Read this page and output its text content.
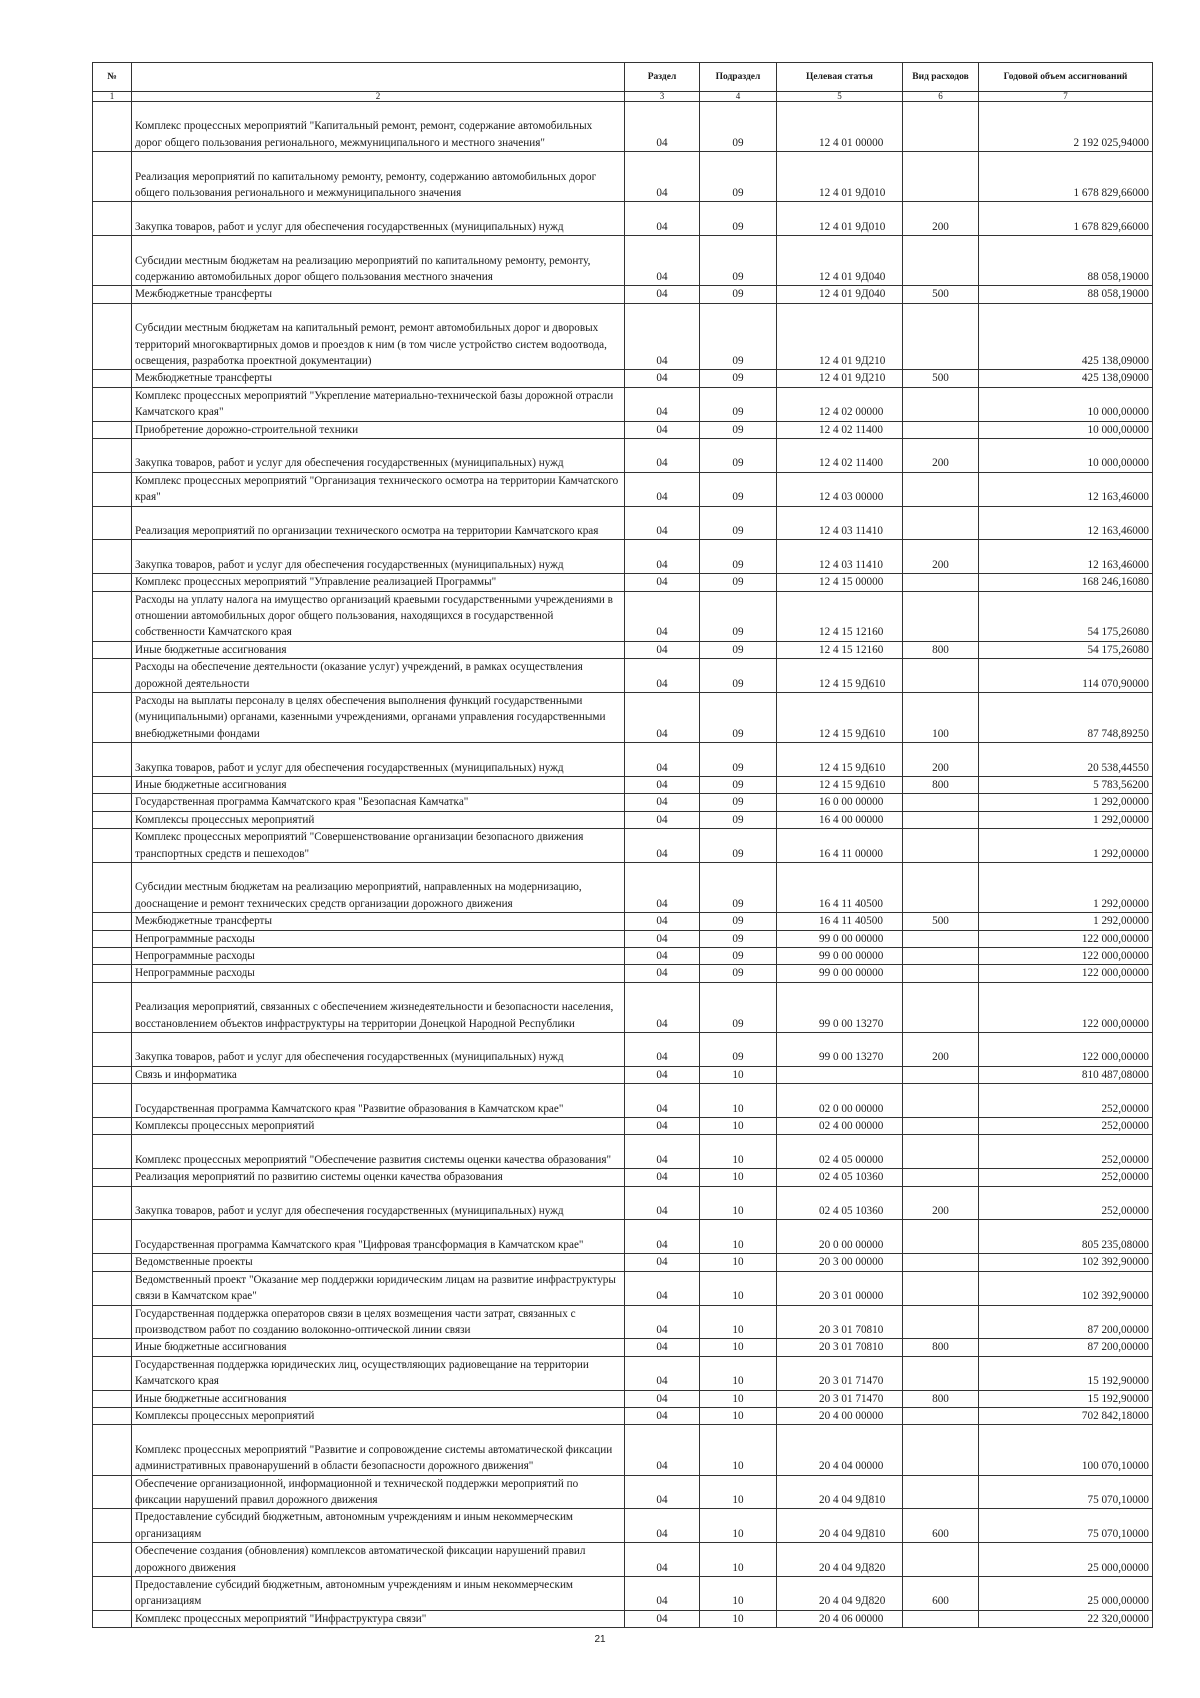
№		Раздел	Подраздел	Целевая статья	Вид расходов	Годовой объем ассигнований
1	2	3	4	5	6	7
	Комплекс процессных мероприятий "Капитальный ремонт, ремонт, содержание автомобильных дорог общего пользования регионального, межмуниципального и местного значения"	04	09	12 4 01 00000		2 192 025,94000
	Реализация мероприятий по капитальному ремонту, ремонту, содержанию автомобильных дорог общего пользования регионального и межмуниципального значения	04	09	12 4 01 9Д010		1 678 829,66000
	Закупка товаров, работ и услуг для обеспечения государственных (муниципальных) нужд	04	09	12 4 01 9Д010	200	1 678 829,66000
	Субсидии местным бюджетам на реализацию мероприятий по капитальному ремонту, ремонту, содержанию автомобильных дорог общего пользования местного значения	04	09	12 4 01 9Д040		88 058,19000
	Межбюджетные трансферты	04	09	12 4 01 9Д040	500	88 058,19000
	Субсидии местным бюджетам на капитальный ремонт, ремонт автомобильных дорог и дворовых территорий многоквартирных домов и проездов к ним (в том числе устройство систем водоотвода, освещения, разработка проектной документации)	04	09	12 4 01 9Д210		425 138,09000
	Межбюджетные трансферты	04	09	12 4 01 9Д210	500	425 138,09000
	Комплекс процессных мероприятий "Укрепление материально-технической базы дорожной отрасли Камчатского края"	04	09	12 4 02 00000		10 000,00000
	Приобретение дорожно-строительной техники	04	09	12 4 02 11400		10 000,00000
	Закупка товаров, работ и услуг для обеспечения государственных (муниципальных) нужд	04	09	12 4 02 11400	200	10 000,00000
	Комплекс процессных мероприятий "Организация технического осмотра на территории Камчатского края"	04	09	12 4 03 00000		12 163,46000
	Реализация мероприятий по организации технического осмотра на территории Камчатского края	04	09	12 4 03 11410		12 163,46000
	Закупка товаров, работ и услуг для обеспечения государственных (муниципальных) нужд	04	09	12 4 03 11410	200	12 163,46000
	Комплекс процессных мероприятий "Управление реализацией Программы"	04	09	12 4 15 00000		168 246,16080
	Расходы на уплату налога на имущество организаций краевыми государственными учреждениями в отношении автомобильных дорог общего пользования, находящихся в государственной собственности Камчатского края	04	09	12 4 15 12160		54 175,26080
	Иные бюджетные ассигнования	04	09	12 4 15 12160	800	54 175,26080
	Расходы на обеспечение деятельности (оказание услуг) учреждений, в рамках осуществления дорожной деятельности	04	09	12 4 15 9Д610		114 070,90000
	Расходы на выплаты персоналу в целях обеспечения выполнения функций государственными (муниципальными) органами, казенными учреждениями, органами управления государственными внебюджетными фондами	04	09	12 4 15 9Д610	100	87 748,89250
	Закупка товаров, работ и услуг для обеспечения государственных (муниципальных) нужд	04	09	12 4 15 9Д610	200	20 538,44550
	Иные бюджетные ассигнования	04	09	12 4 15 9Д610	800	5 783,56200
	Государственная программа Камчатского края "Безопасная Камчатка"	04	09	16 0 00 00000		1 292,00000
	Комплексы процессных мероприятий	04	09	16 4 00 00000		1 292,00000
	Комплекс процессных мероприятий "Совершенствование организации безопасного движения транспортных средств и пешеходов"	04	09	16 4 11 00000		1 292,00000
	Субсидии местным бюджетам на реализацию мероприятий, направленных на модернизацию, дооснащение и ремонт технических средств организации дорожного движения	04	09	16 4 11 40500		1 292,00000
	Межбюджетные трансферты	04	09	16 4 11 40500	500	1 292,00000
	Непрограммные расходы	04	09	99 0 00 00000		122 000,00000
	Непрограммные расходы	04	09	99 0 00 00000		122 000,00000
	Непрограммные расходы	04	09	99 0 00 00000		122 000,00000
	Реализация мероприятий, связанных с обеспечением жизнедеятельности и безопасности населения, восстановлением объектов инфраструктуры на территории Донецкой Народной Республики	04	09	99 0 00 13270		122 000,00000
	Закупка товаров, работ и услуг для обеспечения государственных (муниципальных) нужд	04	09	99 0 00 13270	200	122 000,00000
	Связь и информатика	04	10			810 487,08000
	Государственная программа Камчатского края "Развитие образования в Камчатском крае"	04	10	02 0 00 00000		252,00000
	Комплексы процессных мероприятий	04	10	02 4 00 00000		252,00000
	Комплекс процессных мероприятий "Обеспечение развития системы оценки качества образования"	04	10	02 4 05 00000		252,00000
	Реализация мероприятий по развитию системы оценки качества образования	04	10	02 4 05 10360		252,00000
	Закупка товаров, работ и услуг для обеспечения государственных (муниципальных) нужд	04	10	02 4 05 10360	200	252,00000
	Государственная программа Камчатского края "Цифровая трансформация в Камчатском крае"	04	10	20 0 00 00000		805 235,08000
	Ведомственные проекты	04	10	20 3 00 00000		102 392,90000
	Ведомственный проект "Оказание мер поддержки юридическим лицам на развитие инфраструктуры связи в Камчатском крае"	04	10	20 3 01 00000		102 392,90000
	Государственная поддержка операторов связи в целях возмещения части затрат, связанных с производством работ по созданию волоконно-оптической линии связи	04	10	20 3 01 70810		87 200,00000
	Иные бюджетные ассигнования	04	10	20 3 01 70810	800	87 200,00000
	Государственная поддержка юридических лиц, осуществляющих радиовещание на территории Камчатского края	04	10	20 3 01 71470		15 192,90000
	Иные бюджетные ассигнования	04	10	20 3 01 71470	800	15 192,90000
	Комплексы процессных мероприятий	04	10	20 4 00 00000		702 842,18000
	Комплекс процессных мероприятий "Развитие и сопровождение системы автоматической фиксации административных правонарушений в области безопасности дорожного движения"	04	10	20 4 04 00000		100 070,10000
	Обеспечение организационной, информационной и технической поддержки мероприятий по фиксации нарушений правил дорожного движения	04	10	20 4 04 9Д810		75 070,10000
	Предоставление субсидий бюджетным, автономным учреждениям и иным некоммерческим организациям	04	10	20 4 04 9Д810	600	75 070,10000
	Обеспечение создания (обновления) комплексов автоматической фиксации нарушений правил дорожного движения	04	10	20 4 04 9Д820		25 000,00000
	Предоставление субсидий бюджетным, автономным учреждениям и иным некоммерческим организациям	04	10	20 4 04 9Д820	600	25 000,00000
	Комплекс процессных мероприятий "Инфраструктура связи"	04	10	20 4 06 00000		22 320,00000
21
